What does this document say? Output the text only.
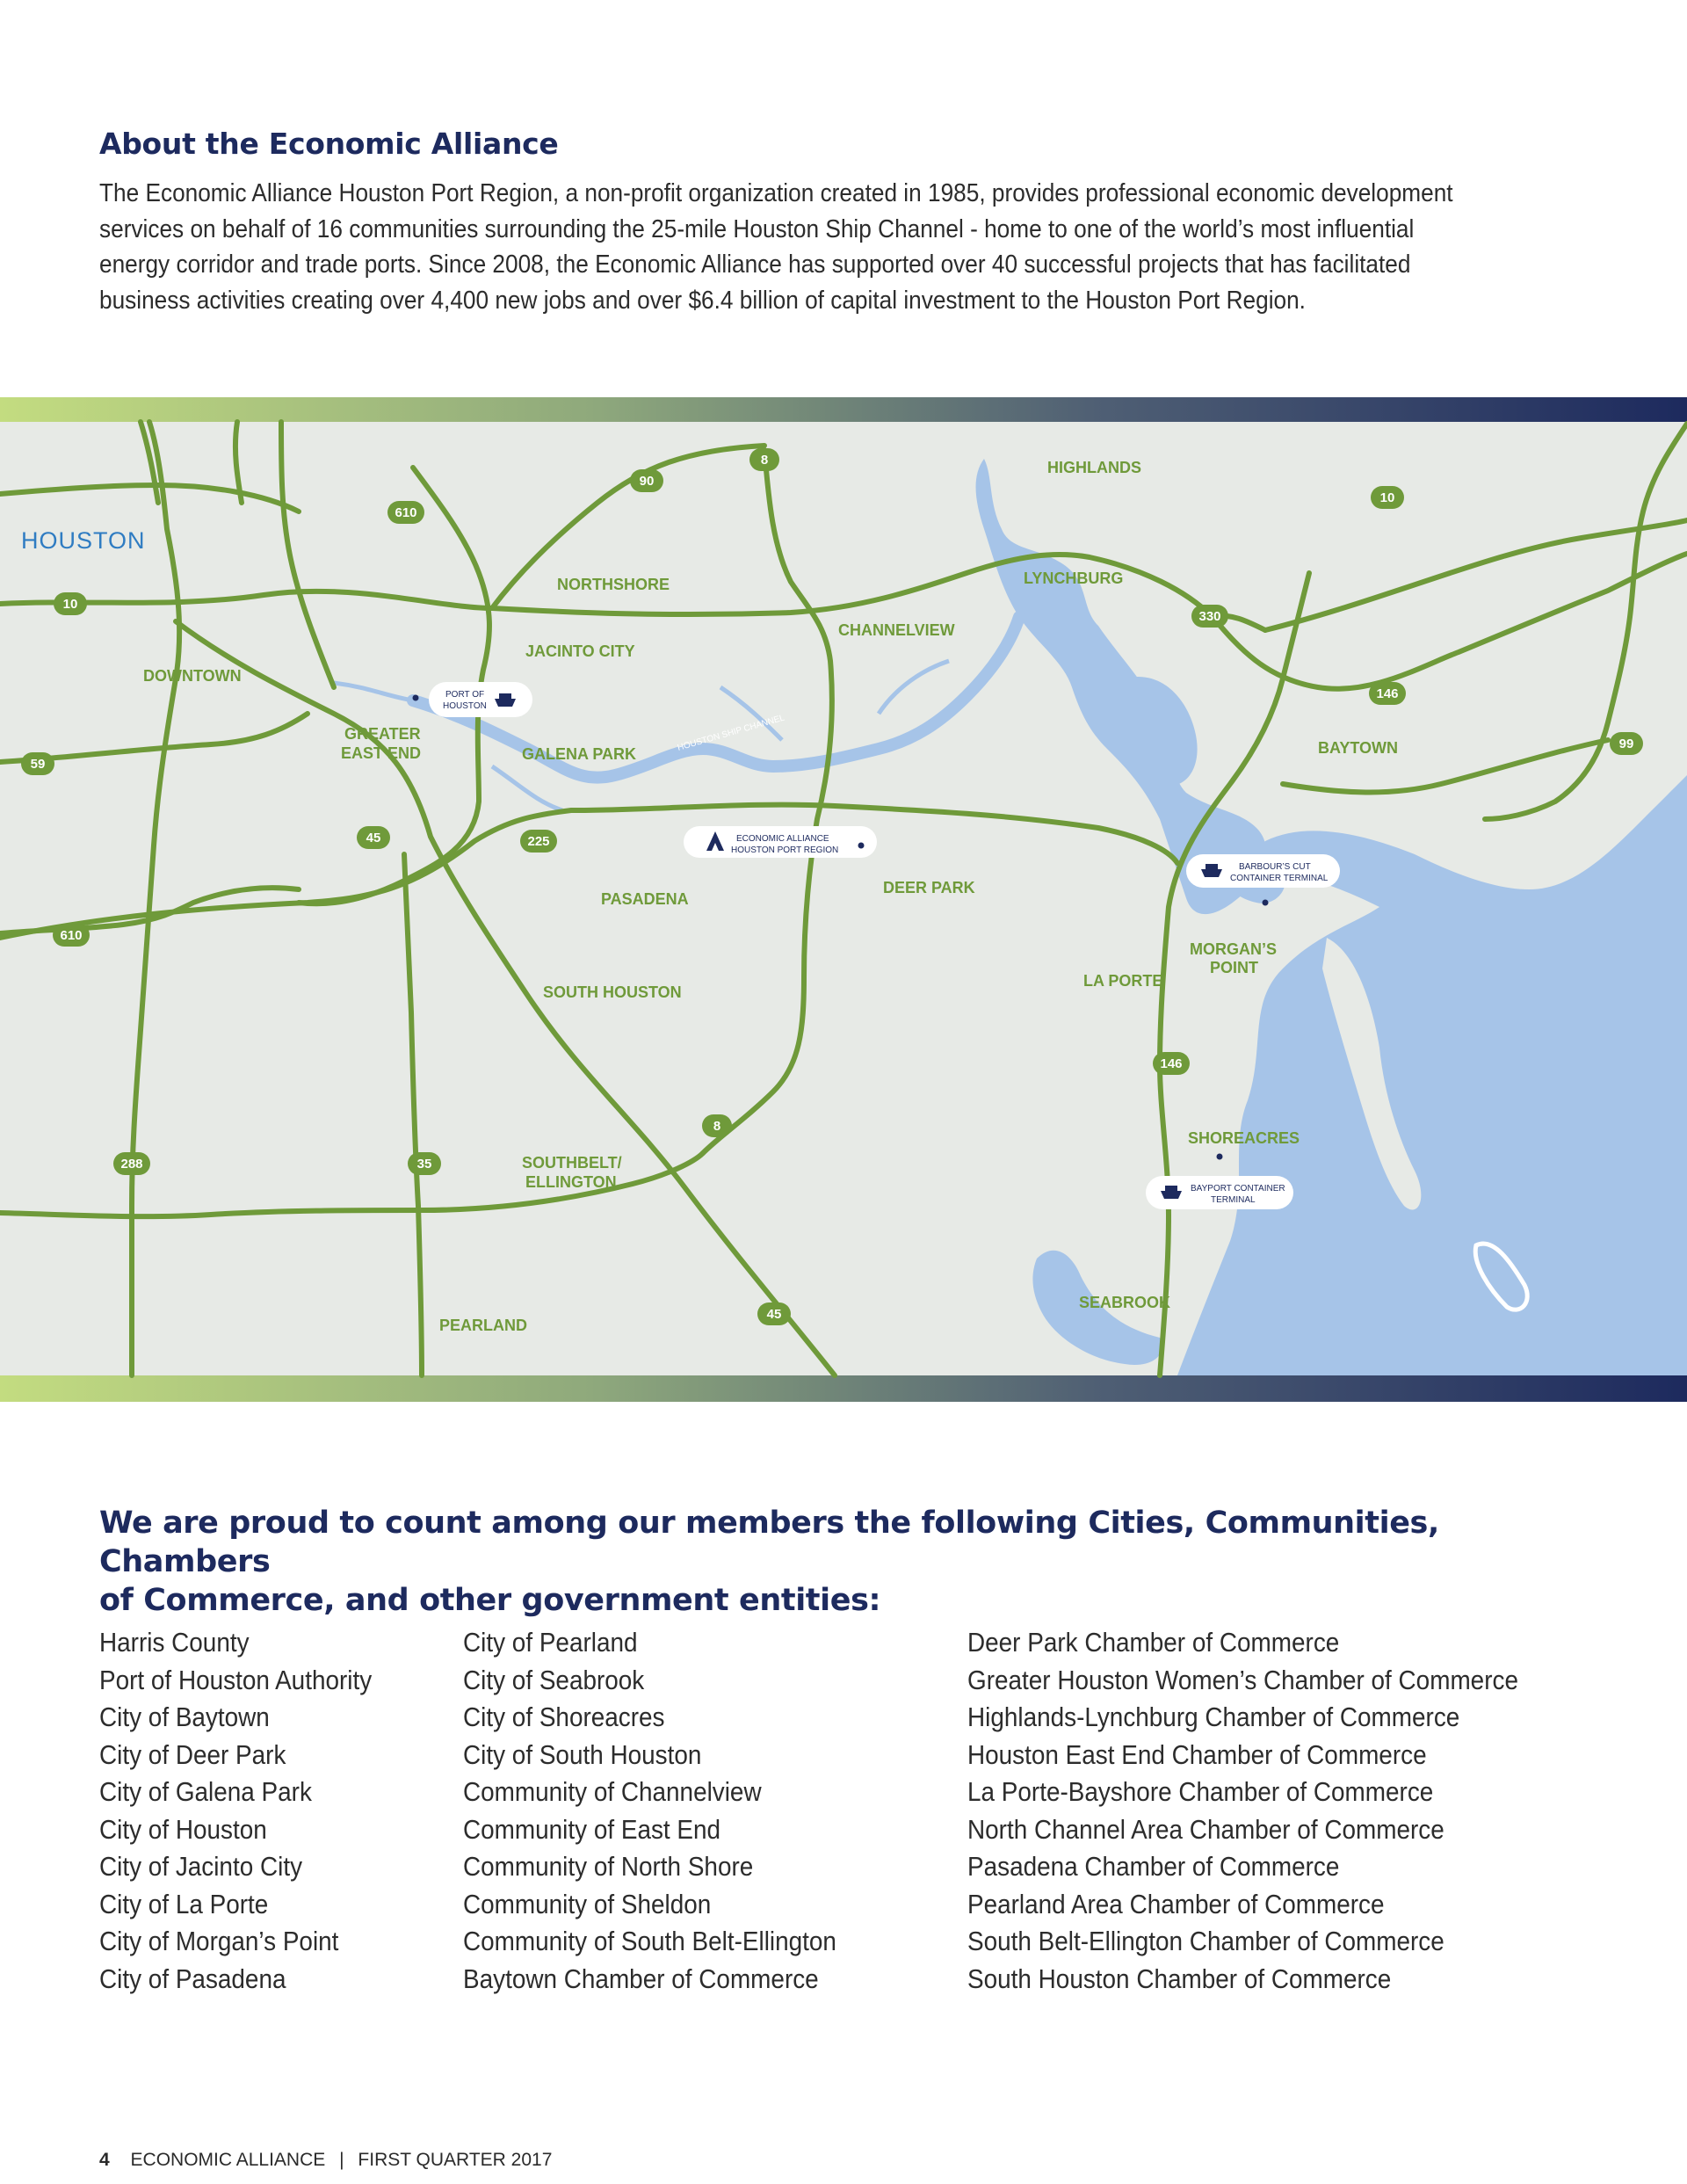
About the Economic Alliance

The Economic Alliance Houston Port Region, a non-profit organization created in 1985, provides professional economic development services on behalf of 16 communities surrounding the 25-mile Houston Ship Channel - home to one of the world’s most influential energy corridor and trade ports. Since 2008, the Economic Alliance has supported over 40 successful projects that has facilitated business activities creating over 4,400 new jobs and over $6.4 billion of capital investment to the Houston Port Region.

HOUSTON
DOWNTOWN
NORTHSHORE
JACINTO CITY
CHANNELVIEW
HIGHLANDS
LYNCHBURG
GREATER
EAST END	GALENA PARK	BAYTOWN
PASADENA
DEER PARK
SOUTH HOUSTON
LA PORTE
MORGAN’S
POINT
SHOREACRES
SOUTHBELT/
ELLINGTON
SEABROOK
PEARLAND
HOUSTON SHIP CHANNEL
PORT OF
HOUSTON
ECONOMIC ALLIANCE
HOUSTON PORT REGION
BARBOUR’S CUT
CONTAINER TERMINAL
BAYPORT CONTAINER
TERMINAL
8
90
610
10
10
330
146
99
59
45	225
610
146
8
288	35
45
We are proud to count among our members the following Cities, Communities, Chambers
of Commerce, and other government entities:
Harris County
Port of Houston Authority
City of Baytown
City of Deer Park
City of Galena Park
City of Houston
City of Jacinto City
City of La Porte
City of Morgan’s Point
City of Pasadena
City of Pearland
City of Seabrook
City of Shoreacres
City of South Houston
Community of Channelview
Community of East End
Community of North Shore
Community of Sheldon
Community of South Belt-Ellington
Baytown Chamber of Commerce
Deer Park Chamber of Commerce
Greater Houston Women’s Chamber of Commerce
Highlands-Lynchburg Chamber of Commerce
Houston East End Chamber of Commerce
La Porte-Bayshore Chamber of Commerce
North Channel Area Chamber of Commerce
Pasadena Chamber of Commerce
Pearland Area Chamber of Commerce
South Belt-Ellington Chamber of Commerce
South Houston Chamber of Commerce
4 ECONOMIC ALLIANCE | FIRST QUARTER 2017
